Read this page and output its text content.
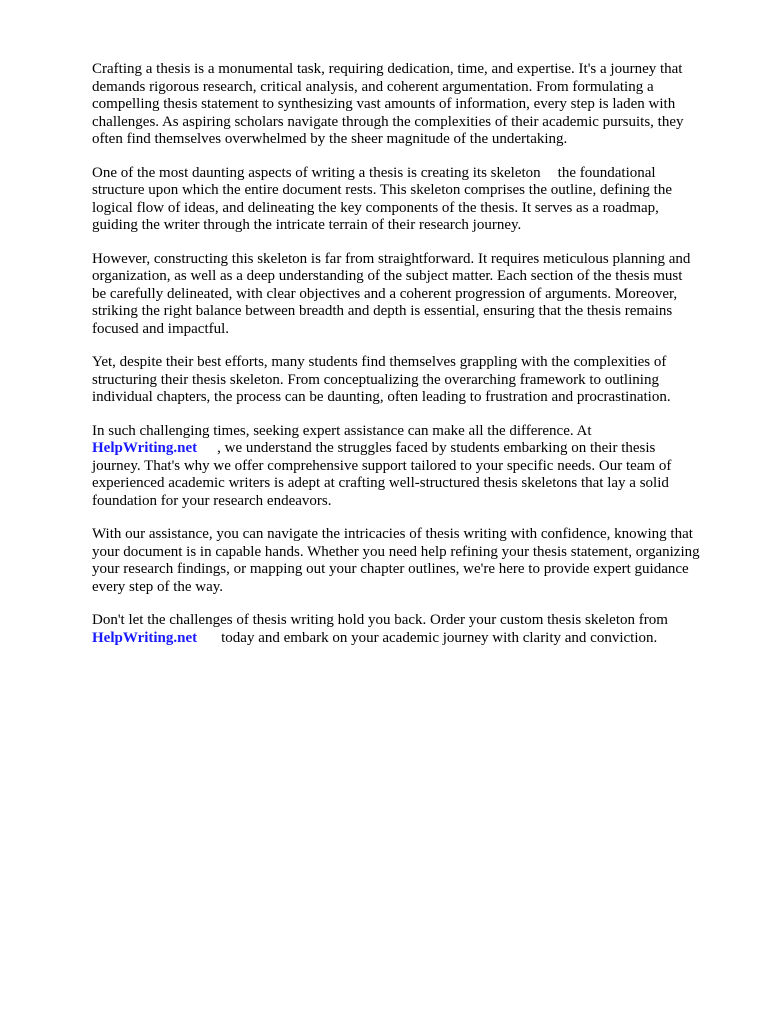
Crafting a thesis is a monumental task, requiring dedication, time, and expertise. It's a journey that
demands rigorous research, critical analysis, and coherent argumentation. From formulating a
compelling thesis statement to synthesizing vast amounts of information, every step is laden with
challenges. As aspiring scholars navigate through the complexities of their academic pursuits, they
often find themselves overwhelmed by the sheer magnitude of the undertaking.

One of the most daunting aspects of writing a thesis is creating its skeleton the foundational
structure upon which the entire document rests. This skeleton comprises the outline, defining the
logical flow of ideas, and delineating the key components of the thesis. It serves as a roadmap,
guiding the writer through the intricate terrain of their research journey.

However, constructing this skeleton is far from straightforward. It requires meticulous planning and
organization, as well as a deep understanding of the subject matter. Each section of the thesis must
be carefully delineated, with clear objectives and a coherent progression of arguments. Moreover,
striking the right balance between breadth and depth is essential, ensuring that the thesis remains
focused and impactful.

Yet, despite their best efforts, many students find themselves grappling with the complexities of
structuring their thesis skeleton. From conceptualizing the overarching framework to outlining
individual chapters, the process can be daunting, often leading to frustration and procrastination.

In such challenging times, seeking expert assistance can make all the difference. At
HelpWriting.net , we understand the struggles faced by students embarking on their thesis
journey. That's why we offer comprehensive support tailored to your specific needs. Our team of
experienced academic writers is adept at crafting well-structured thesis skeletons that lay a solid
foundation for your research endeavors.

With our assistance, you can navigate the intricacies of thesis writing with confidence, knowing that
your document is in capable hands. Whether you need help refining your thesis statement, organizing
your research findings, or mapping out your chapter outlines, we're here to provide expert guidance
every step of the way.

Don't let the challenges of thesis writing hold you back. Order your custom thesis skeleton from
HelpWriting.net today and embark on your academic journey with clarity and conviction.
